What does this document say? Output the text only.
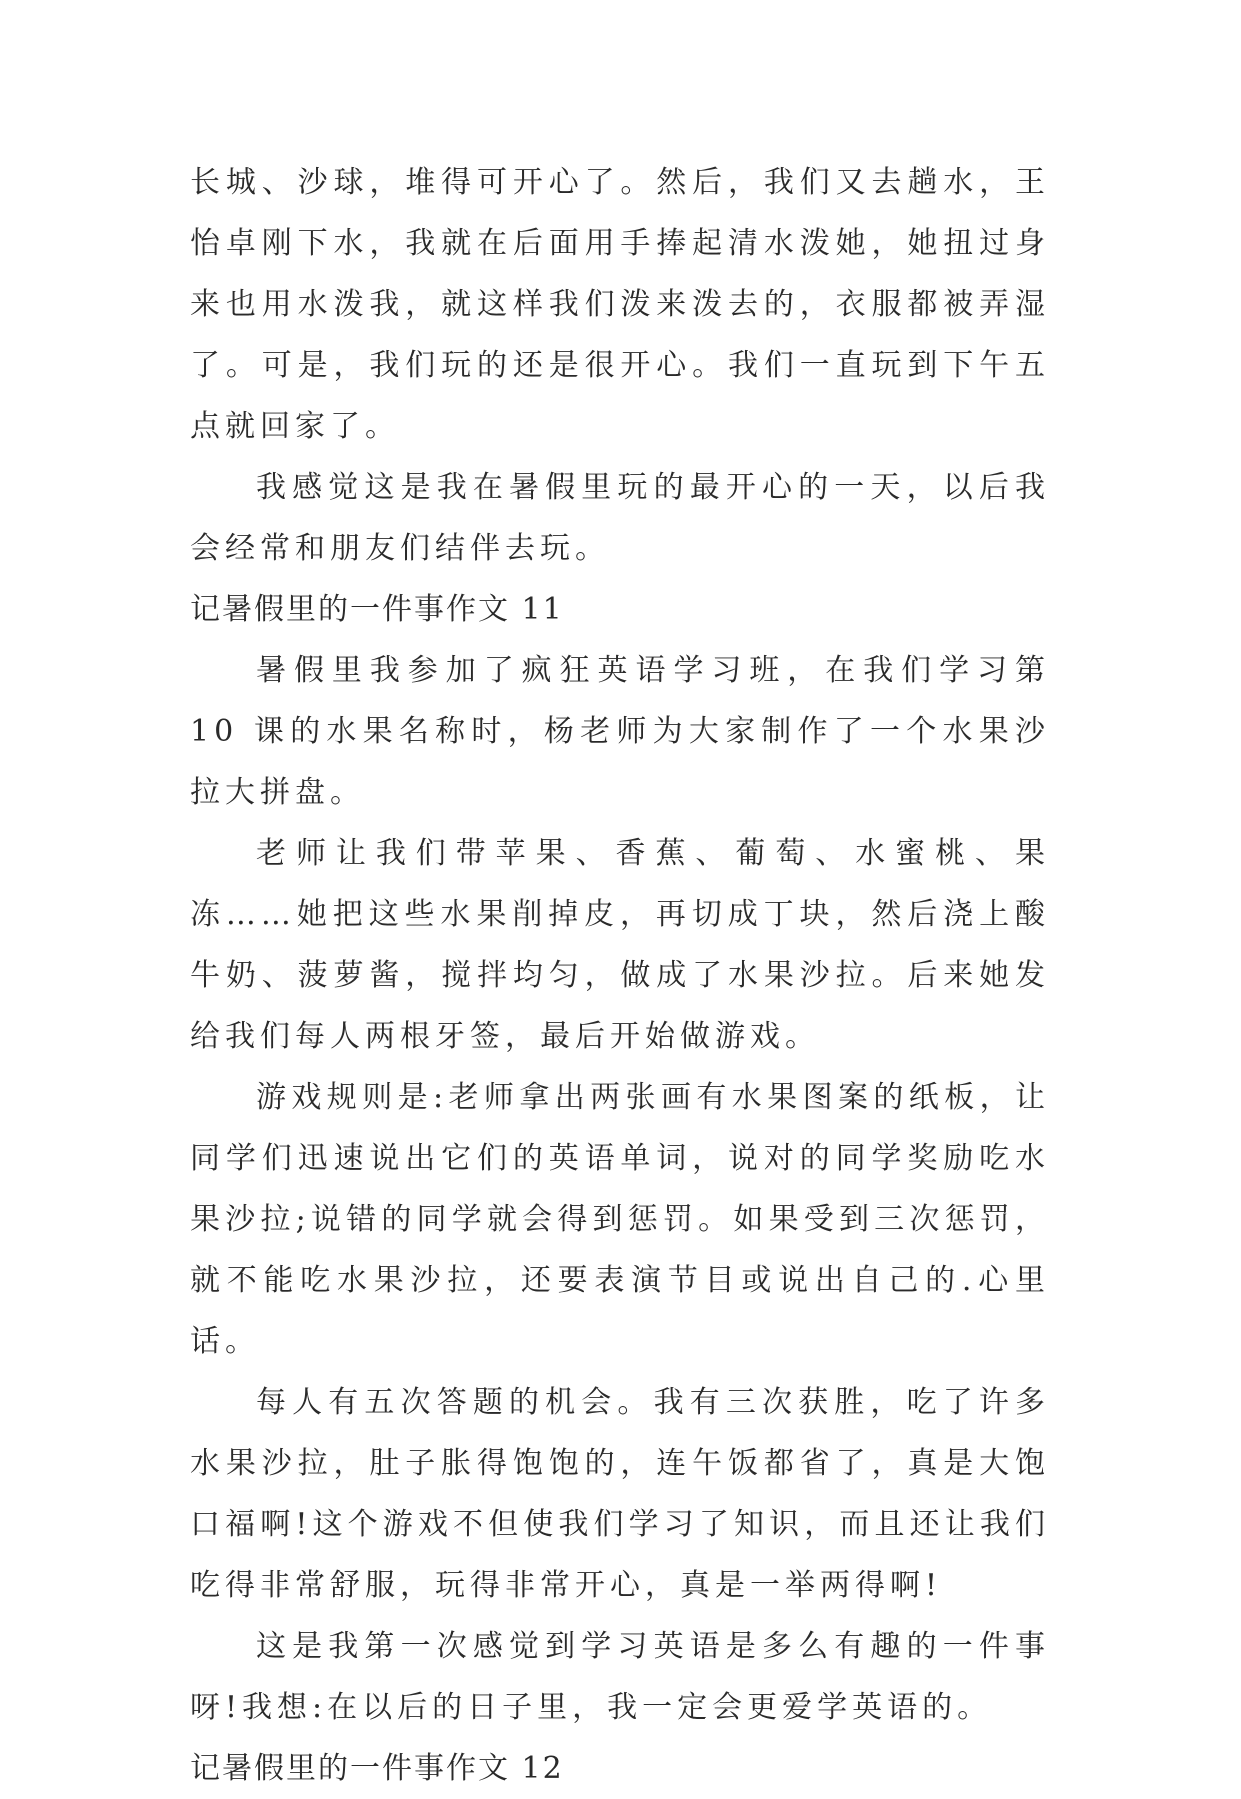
长城、沙球，堆得可开心了。然后，我们又去趟水，王怡卓刚下水，我就在后面用手捧起清水泼她，她扭过身来也用水泼我，就这样我们泼来泼去的，衣服都被弄湿了。可是，我们玩的还是很开心。我们一直玩到下午五点就回家了。

我感觉这是我在暑假里玩的最开心的一天，以后我会经常和朋友们结伴去玩。

记暑假里的一件事作文 11

暑假里我参加了疯狂英语学习班，在我们学习第 10 课的水果名称时，杨老师为大家制作了一个水果沙拉大拼盘。

老师让我们带苹果、香蕉、葡萄、水蜜桃、果冻……她把这些水果削掉皮，再切成丁块，然后浇上酸牛奶、菠萝酱，搅拌均匀，做成了水果沙拉。后来她发给我们每人两根牙签，最后开始做游戏。

游戏规则是:老师拿出两张画有水果图案的纸板，让同学们迅速说出它们的英语单词，说对的同学奖励吃水果沙拉;说错的同学就会得到惩罚。如果受到三次惩罚，就不能吃水果沙拉，还要表演节目或说出自己的.心里话。

每人有五次答题的机会。我有三次获胜，吃了许多水果沙拉，肚子胀得饱饱的，连午饭都省了，真是大饱口福啊!这个游戏不但使我们学习了知识，而且还让我们吃得非常舒服，玩得非常开心，真是一举两得啊!

这是我第一次感觉到学习英语是多么有趣的一件事呀!我想:在以后的日子里，我一定会更爱学英语的。

记暑假里的一件事作文 12
